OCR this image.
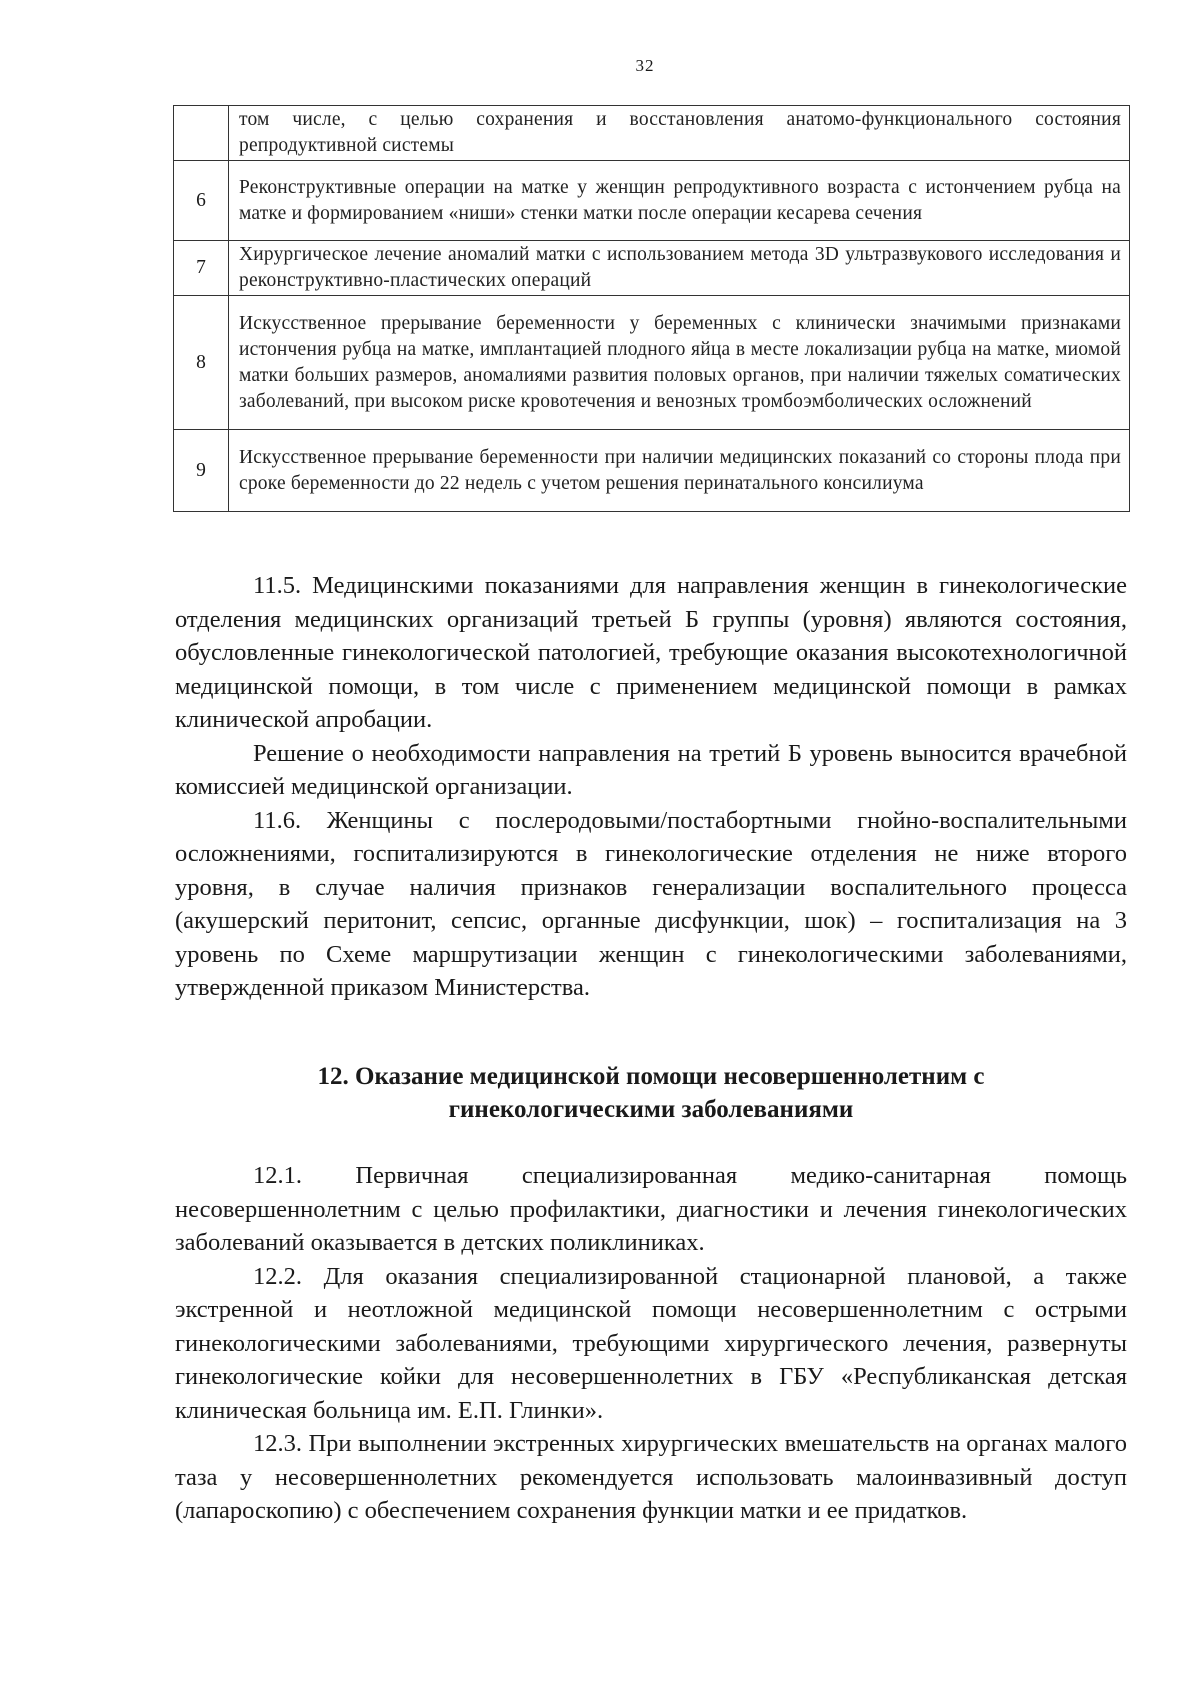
32
	том числе, с целью сохранения и восстановления анатомо-функционального состояния репродуктивной системы
6	Реконструктивные операции на матке у женщин репродуктивного возраста с истончением рубца на матке и формированием «ниши» стенки матки после операции кесарева сечения
7	Хирургическое лечение аномалий матки с использованием метода 3D ультразвукового исследования и реконструктивно-пластических операций
8	Искусственное прерывание беременности у беременных с клинически значимыми признаками истончения рубца на матке, имплантацией плодного яйца в месте локализации рубца на матке, миомой матки больших размеров, аномалиями развития половых органов, при наличии тяжелых соматических заболеваний, при высоком риске кровотечения и венозных тромбоэмболических осложнений
9	Искусственное прерывание беременности при наличии медицинских показаний со стороны плода при сроке беременности до 22 недель с учетом решения перинатального консилиума

11.5. Медицинскими показаниями для направления женщин в гинекологические отделения медицинских организаций третьей Б группы (уровня) являются состояния, обусловленные гинекологической патологией, требующие оказания высокотехнологичной медицинской помощи, в том числе с применением медицинской помощи в рамках клинической апробации.

Решение о необходимости направления на третий Б уровень выносится врачебной комиссией медицинской организации.

11.6. Женщины с послеродовыми/постабортными гнойно-воспалительными осложнениями, госпитализируются в гинекологические отделения не ниже второго уровня, в случае наличия признаков генерализации воспалительного процесса (акушерский перитонит, сепсис, органные дисфункции, шок) – госпитализация на 3 уровень по Схеме маршрутизации женщин с гинекологическими заболеваниями, утвержденной приказом Министерства.

12. Оказание медицинской помощи несовершеннолетним с
гинекологическими заболеваниями

12.1. Первичная специализированная медико-санитарная помощь несовершеннолетним с целью профилактики, диагностики и лечения гинекологических заболеваний оказывается в детских поликлиниках.

12.2. Для оказания специализированной стационарной плановой, а также экстренной и неотложной медицинской помощи несовершеннолетним с острыми гинекологическими заболеваниями, требующими хирургического лечения, развернуты гинекологические койки для несовершеннолетних в ГБУ «Республиканская детская клиническая больница им. Е.П. Глинки».

12.3. При выполнении экстренных хирургических вмешательств на органах малого таза у несовершеннолетних рекомендуется использовать малоинвазивный доступ (лапароскопию) с обеспечением сохранения функции матки и ее придатков.
